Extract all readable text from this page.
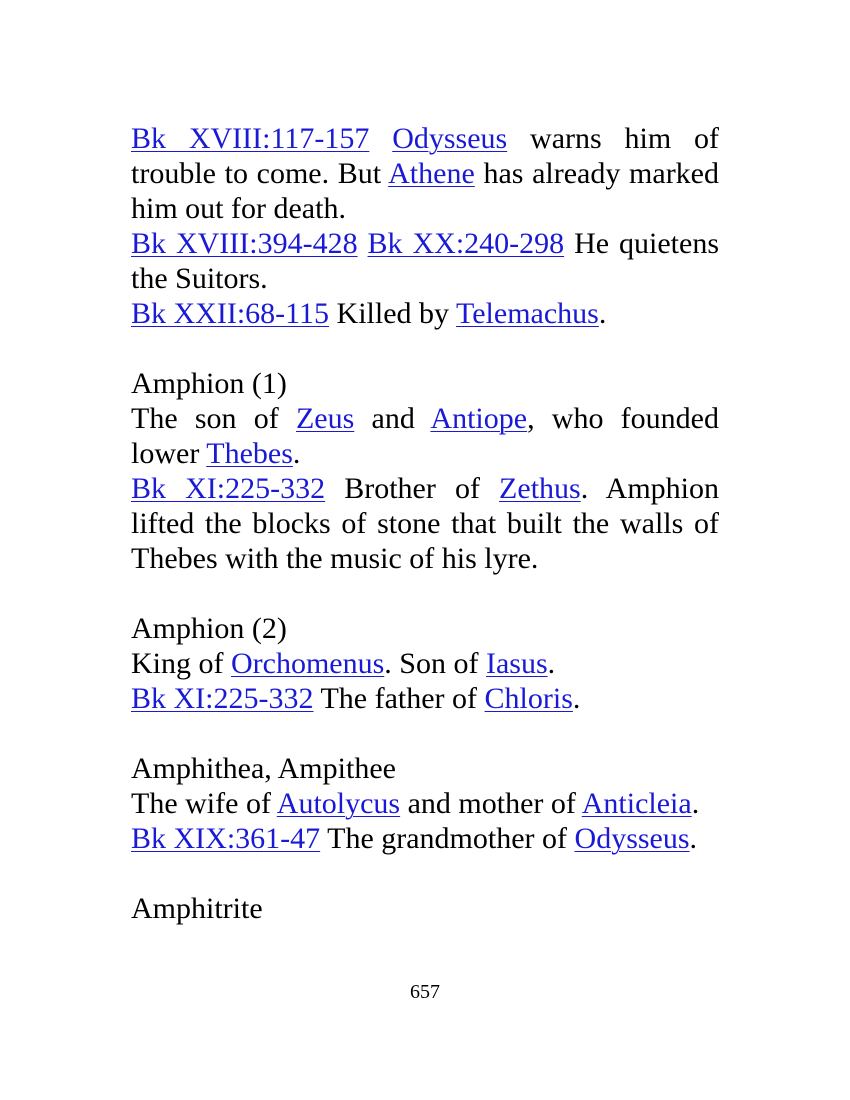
Bk XVIII:117-157 Odysseus warns him of trouble to come. But Athene has already marked him out for death.

Bk XVIII:394-428 Bk XX:240-298 He quietens the Suitors.

Bk XXII:68-115 Killed by Telemachus.

Amphion (1)

The son of Zeus and Antiope, who founded lower Thebes.

Bk XI:225-332 Brother of Zethus. Amphion lifted the blocks of stone that built the walls of Thebes with the music of his lyre.

Amphion (2)

King of Orchomenus. Son of Iasus.

Bk XI:225-332 The father of Chloris.

Amphithea, Ampithee

The wife of Autolycus and mother of Anticleia.

Bk XIX:361-47 The grandmother of Odysseus.

Amphitrite

657
